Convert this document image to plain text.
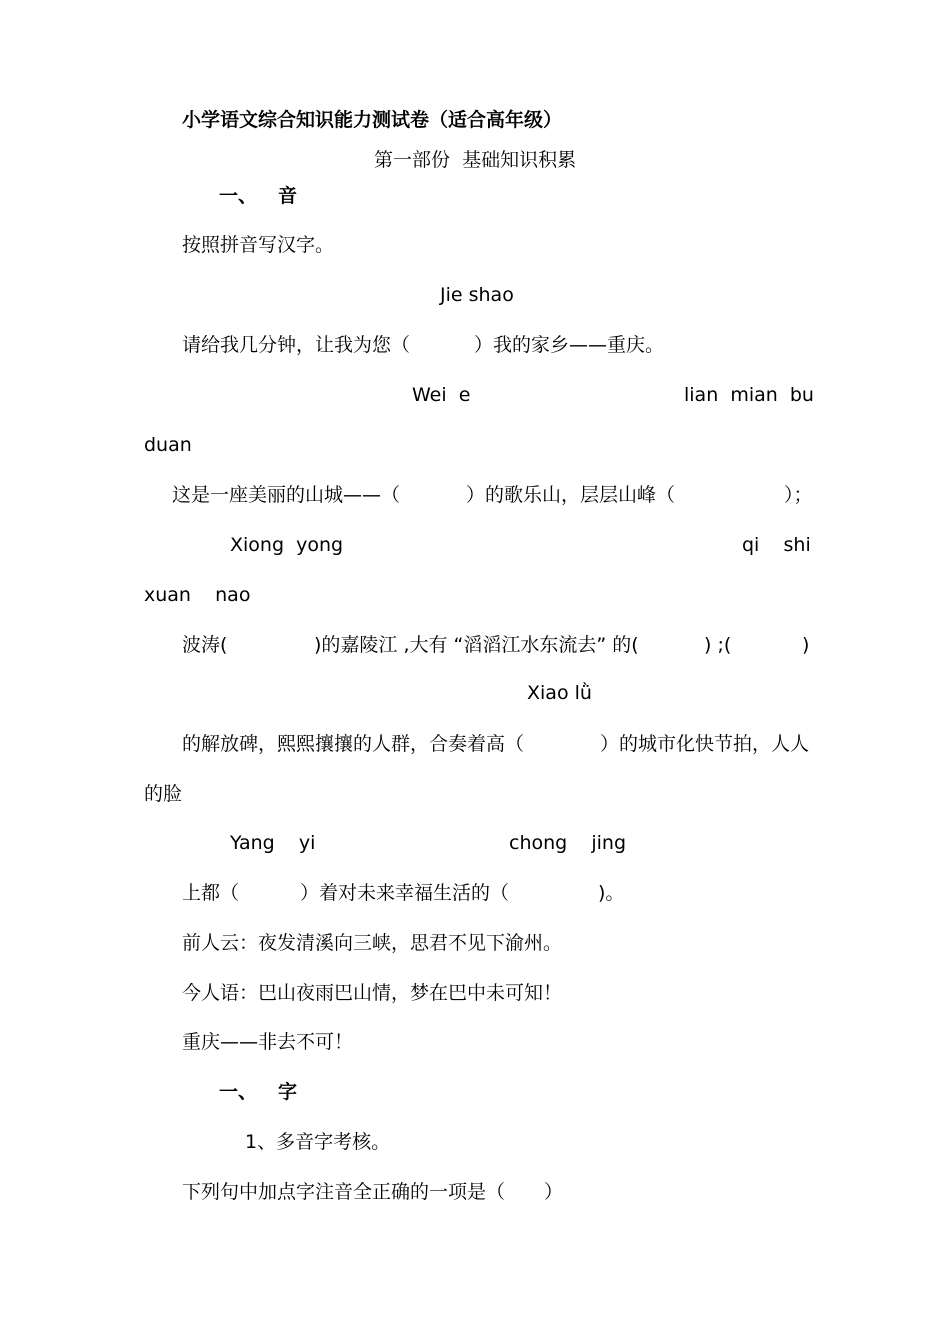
小学语文综合知识能力测试卷（适合高年级）
第一部份  基础知识积累
一、 音
按照拼音写汉字。
Jie shao
请给我几分钟，让我为您（	）我的家乡——重庆。
Wei  e	lian  mian  bu
duan
这是一座美丽的山城——（	）的歌乐山，层层山峰（	）；
Xiong  yong	qi    shi
xuan    nao
波涛(	)的嘉陵江 ,大有 “滔滔江水东流去” 的(	) ;(	)
Xiao lǜ
的解放碑，熙熙攘攘的人群，合奏着高（	）的城市化快节拍，人人
的脸
Yang    yi	chong    jing
上都（	）着对未来幸福生活的（	)。
前人云：夜发清溪向三峡，思君不见下渝州。
今人语：巴山夜雨巴山情，梦在巴中未可知！
重庆——非去不可！
一、 字
1、多音字考核。
下列句中加点字注音全正确的一项是（ ）
